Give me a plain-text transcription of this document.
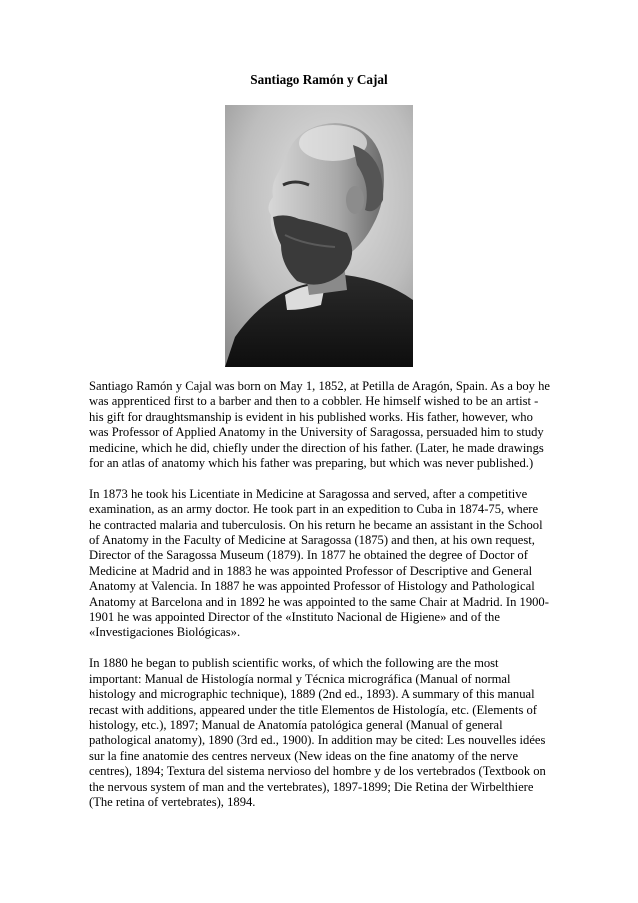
Santiago Ramón y Cajal

Santiago Ramón y Cajal was born on May 1, 1852, at Petilla de Aragón, Spain. As a boy he was apprenticed first to a barber and then to a cobbler. He himself wished to be an artist - his gift for draughtsmanship is evident in his published works. His father, however, who was Professor of Applied Anatomy in the University of Saragossa, persuaded him to study medicine, which he did, chiefly under the direction of his father. (Later, he made drawings for an atlas of anatomy which his father was preparing, but which was never published.)

In 1873 he took his Licentiate in Medicine at Saragossa and served, after a competitive examination, as an army doctor. He took part in an expedition to Cuba in 1874-75, where he contracted malaria and tuberculosis. On his return he became an assistant in the School of Anatomy in the Faculty of Medicine at Saragossa (1875) and then, at his own request, Director of the Saragossa Museum (1879). In 1877 he obtained the degree of Doctor of Medicine at Madrid and in 1883 he was appointed Professor of Descriptive and General Anatomy at Valencia. In 1887 he was appointed Professor of Histology and Pathological Anatomy at Barcelona and in 1892 he was appointed to the same Chair at Madrid. In 1900-1901 he was appointed Director of the «Instituto Nacional de Higiene» and of the «Investigaciones Biológicas».

In 1880 he began to publish scientific works, of which the following are the most important: Manual de Histología normal y Técnica micrográfica (Manual of normal histology and micrographic technique), 1889 (2nd ed., 1893). A summary of this manual recast with additions, appeared under the title Elementos de Histología, etc. (Elements of histology, etc.), 1897; Manual de Anatomía patológica general (Manual of general pathological anatomy), 1890 (3rd ed., 1900). In addition may be cited: Les nouvelles idées sur la fine anatomie des centres nerveux (New ideas on the fine anatomy of the nerve centres), 1894; Textura del sistema nervioso del hombre y de los vertebrados (Textbook on the nervous system of man and the vertebrates), 1897-1899; Die Retina der Wirbelthiere (The retina of vertebrates), 1894.
